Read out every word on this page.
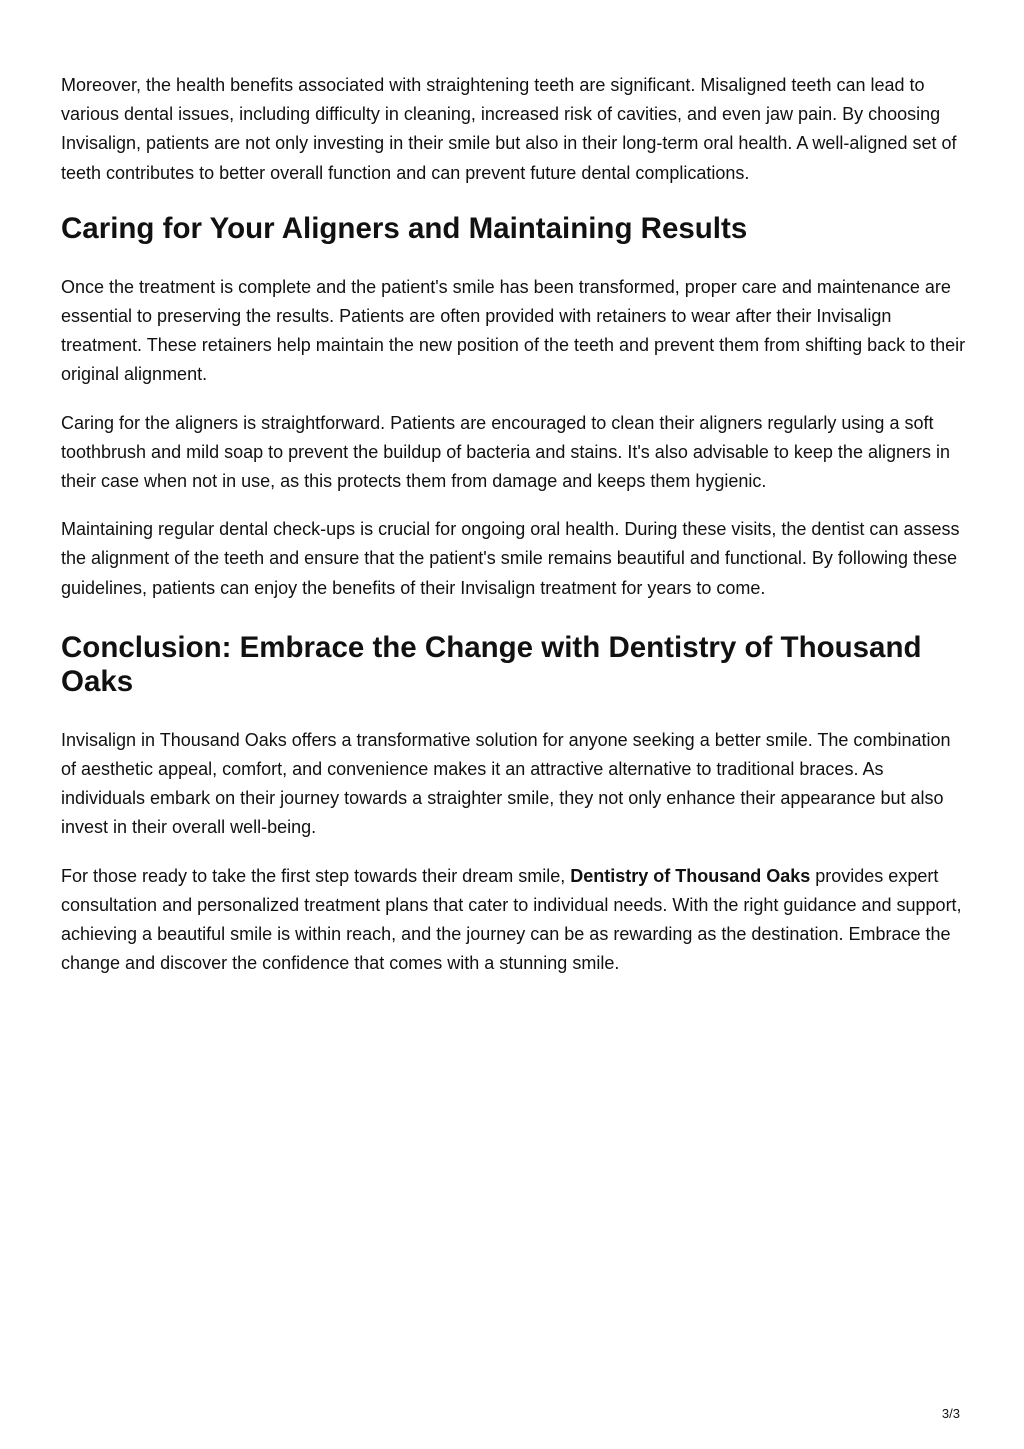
Moreover, the health benefits associated with straightening teeth are significant. Misaligned teeth can lead to various dental issues, including difficulty in cleaning, increased risk of cavities, and even jaw pain. By choosing Invisalign, patients are not only investing in their smile but also in their long-term oral health. A well-aligned set of teeth contributes to better overall function and can prevent future dental complications.

Caring for Your Aligners and Maintaining Results

Once the treatment is complete and the patient's smile has been transformed, proper care and maintenance are essential to preserving the results. Patients are often provided with retainers to wear after their Invisalign treatment. These retainers help maintain the new position of the teeth and prevent them from shifting back to their original alignment.

Caring for the aligners is straightforward. Patients are encouraged to clean their aligners regularly using a soft toothbrush and mild soap to prevent the buildup of bacteria and stains. It's also advisable to keep the aligners in their case when not in use, as this protects them from damage and keeps them hygienic.

Maintaining regular dental check-ups is crucial for ongoing oral health. During these visits, the dentist can assess the alignment of the teeth and ensure that the patient's smile remains beautiful and functional. By following these guidelines, patients can enjoy the benefits of their Invisalign treatment for years to come.

Conclusion: Embrace the Change with Dentistry of Thousand Oaks

Invisalign in Thousand Oaks offers a transformative solution for anyone seeking a better smile. The combination of aesthetic appeal, comfort, and convenience makes it an attractive alternative to traditional braces. As individuals embark on their journey towards a straighter smile, they not only enhance their appearance but also invest in their overall well-being.

For those ready to take the first step towards their dream smile, Dentistry of Thousand Oaks provides expert consultation and personalized treatment plans that cater to individual needs. With the right guidance and support, achieving a beautiful smile is within reach, and the journey can be as rewarding as the destination. Embrace the change and discover the confidence that comes with a stunning smile.

3/3
